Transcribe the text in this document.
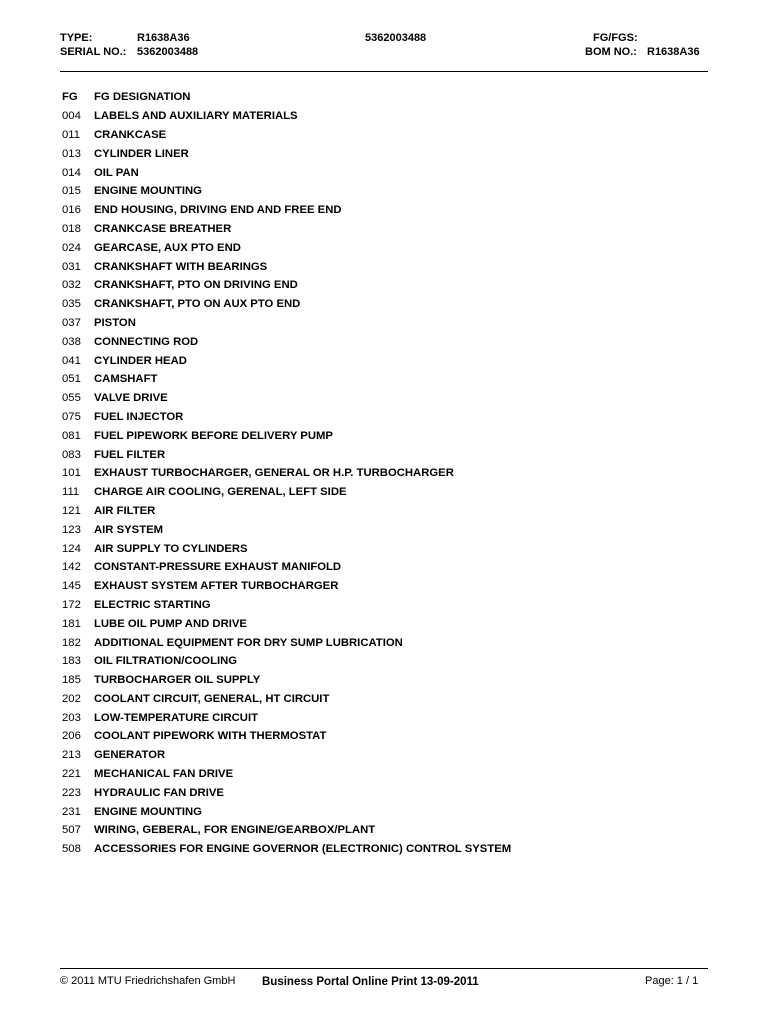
TYPE:	R1638A36	5362003488	FG/FGS:
SERIAL NO.: 5362003488	BOM NO.: R1638A36
FG	FG DESIGNATION
004	LABELS AND AUXILIARY MATERIALS
011	CRANKCASE
013	CYLINDER LINER
014	OIL PAN
015	ENGINE MOUNTING
016	END HOUSING, DRIVING END AND FREE END
018	CRANKCASE BREATHER
024	GEARCASE, AUX PTO END
031	CRANKSHAFT WITH BEARINGS
032	CRANKSHAFT, PTO ON DRIVING END
035	CRANKSHAFT, PTO ON AUX PTO END
037	PISTON
038	CONNECTING ROD
041	CYLINDER HEAD
051	CAMSHAFT
055	VALVE DRIVE
075	FUEL INJECTOR
081	FUEL PIPEWORK BEFORE DELIVERY PUMP
083	FUEL FILTER
101	EXHAUST TURBOCHARGER, GENERAL OR H.P. TURBOCHARGER
111	CHARGE AIR COOLING, GERENAL, LEFT SIDE
121	AIR FILTER
123	AIR SYSTEM
124	AIR SUPPLY TO CYLINDERS
142	CONSTANT-PRESSURE EXHAUST MANIFOLD
145	EXHAUST SYSTEM AFTER TURBOCHARGER
172	ELECTRIC STARTING
181	LUBE OIL PUMP AND DRIVE
182	ADDITIONAL EQUIPMENT FOR DRY SUMP LUBRICATION
183	OIL FILTRATION/COOLING
185	TURBOCHARGER OIL SUPPLY
202	COOLANT CIRCUIT, GENERAL, HT CIRCUIT
203	LOW-TEMPERATURE CIRCUIT
206	COOLANT PIPEWORK WITH THERMOSTAT
213	GENERATOR
221	MECHANICAL FAN DRIVE
223	HYDRAULIC FAN DRIVE
231	ENGINE MOUNTING
507	WIRING, GEBERAL, FOR ENGINE/GEARBOX/PLANT
508	ACCESSORIES FOR ENGINE GOVERNOR (ELECTRONIC) CONTROL SYSTEM
© 2011 MTU Friedrichshafen GmbH Business Portal Online Print 13-09-2011	Page: 1 / 1
